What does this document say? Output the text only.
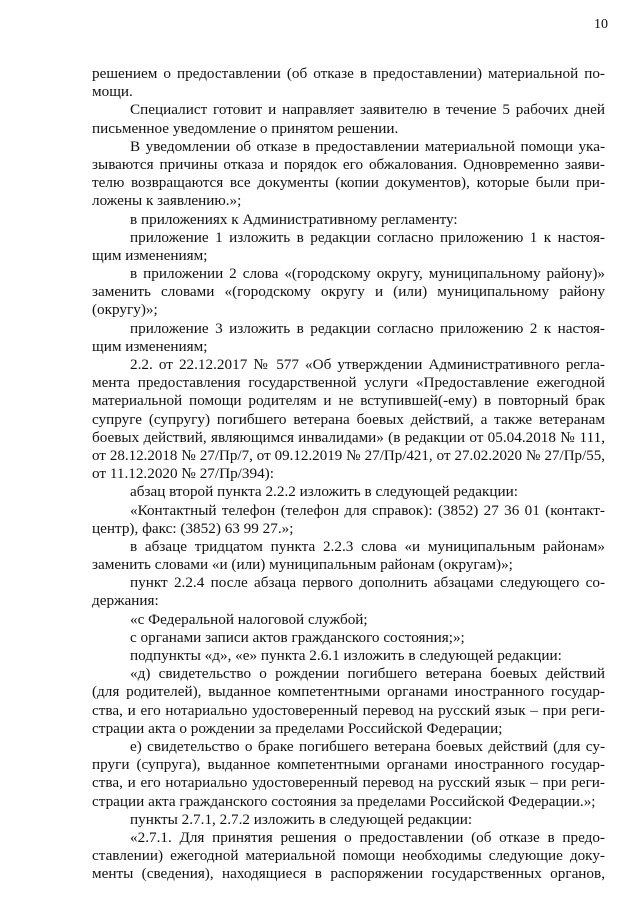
10
решением о предоставлении (об отказе в предоставлении) материальной по-
мощи.
Специалист готовит и направляет заявителю в течение 5 рабочих дней
письменное уведомление о принятом решении.
В уведомлении об отказе в предоставлении материальной помощи ука-
зываются причины отказа и порядок его обжалования. Одновременно заяви-
телю возвращаются все документы (копии документов), которые были при-
ложены к заявлению.»;
в приложениях к Административному регламенту:
приложение 1 изложить в редакции согласно приложению 1 к настоя-
щим изменениям;
в приложении 2 слова «(городскому округу, муниципальному району)»
заменить словами «(городскому округу и (или) муниципальному району
(округу)»;
приложение 3 изложить в редакции согласно приложению 2 к настоя-
щим изменениям;
2.2. от 22.12.2017 № 577 «Об утверждении Административного регла-
мента предоставления государственной услуги «Предоставление ежегодной
материальной помощи родителям и не вступившей(-ему) в повторный брак
супруге (супругу) погибшего ветерана боевых действий, а также ветеранам
боевых действий, являющимся инвалидами» (в редакции от 05.04.2018 № 111,
от 28.12.2018 № 27/Пр/7, от 09.12.2019 № 27/Пр/421, от 27.02.2020 № 27/Пр/55,
от 11.12.2020 № 27/Пр/394):
абзац второй пункта 2.2.2 изложить в следующей редакции:
«Контактный телефон (телефон для справок): (3852) 27 36 01 (контакт-
центр), факс: (3852) 63 99 27.»;
в абзаце тридцатом пункта 2.2.3 слова «и муниципальным районам»
заменить словами «и (или) муниципальным районам (округам)»;
пункт 2.2.4 после абзаца первого дополнить абзацами следующего со-
держания:
«с Федеральной налоговой службой;
с органами записи актов гражданского состояния;»;
подпункты «д», «е» пункта 2.6.1 изложить в следующей редакции:
«д) свидетельство о рождении погибшего ветерана боевых действий
(для родителей), выданное компетентными органами иностранного государ-
ства, и его нотариально удостоверенный перевод на русский язык – при реги-
страции акта о рождении за пределами Российской Федерации;
е) свидетельство о браке погибшего ветерана боевых действий (для су-
пруги (супруга), выданное компетентными органами иностранного государ-
ства, и его нотариально удостоверенный перевод на русский язык – при реги-
страции акта гражданского состояния за пределами Российской Федерации.»;
пункты 2.7.1, 2.7.2 изложить в следующей редакции:
«2.7.1. Для принятия решения о предоставлении (об отказе в предо-
ставлении) ежегодной материальной помощи необходимы следующие доку-
менты (сведения), находящиеся в распоряжении государственных органов,
